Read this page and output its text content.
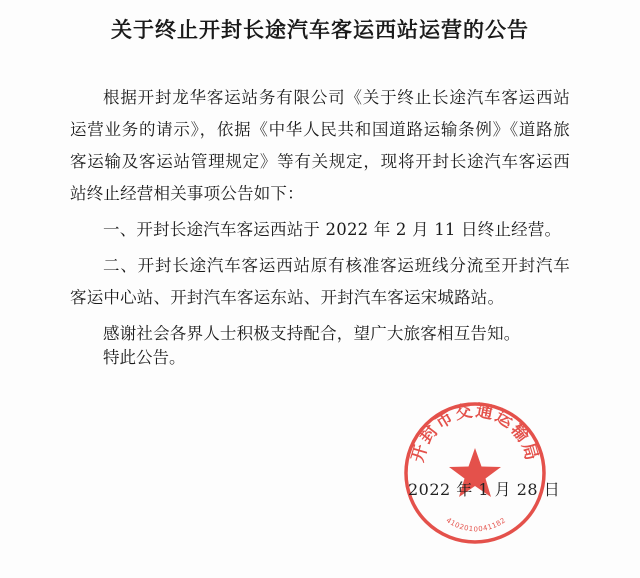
关于终止开封长途汽车客运西站运营的公告

根据开封龙华客运站务有限公司《关于终止长途汽车客运西站运营业务的请示》，依据《中华人民共和国道路运输条例》《道路旅客运输及客运站管理规定》等有关规定，现将开封长途汽车客运西站终止经营相关事项公告如下：

一、开封长途汽车客运西站于 2022 年 2 月 11 日终止经营。

二、开封长途汽车客运西站原有核准客运班线分流至开封汽车客运中心站、开封汽车客运东站、开封汽车客运宋城路站。

感谢社会各界人士积极支持配合，望广大旅客相互告知。

特此公告。

开封市交通运输局
4102010041182

2022 年 1 月 28 日
